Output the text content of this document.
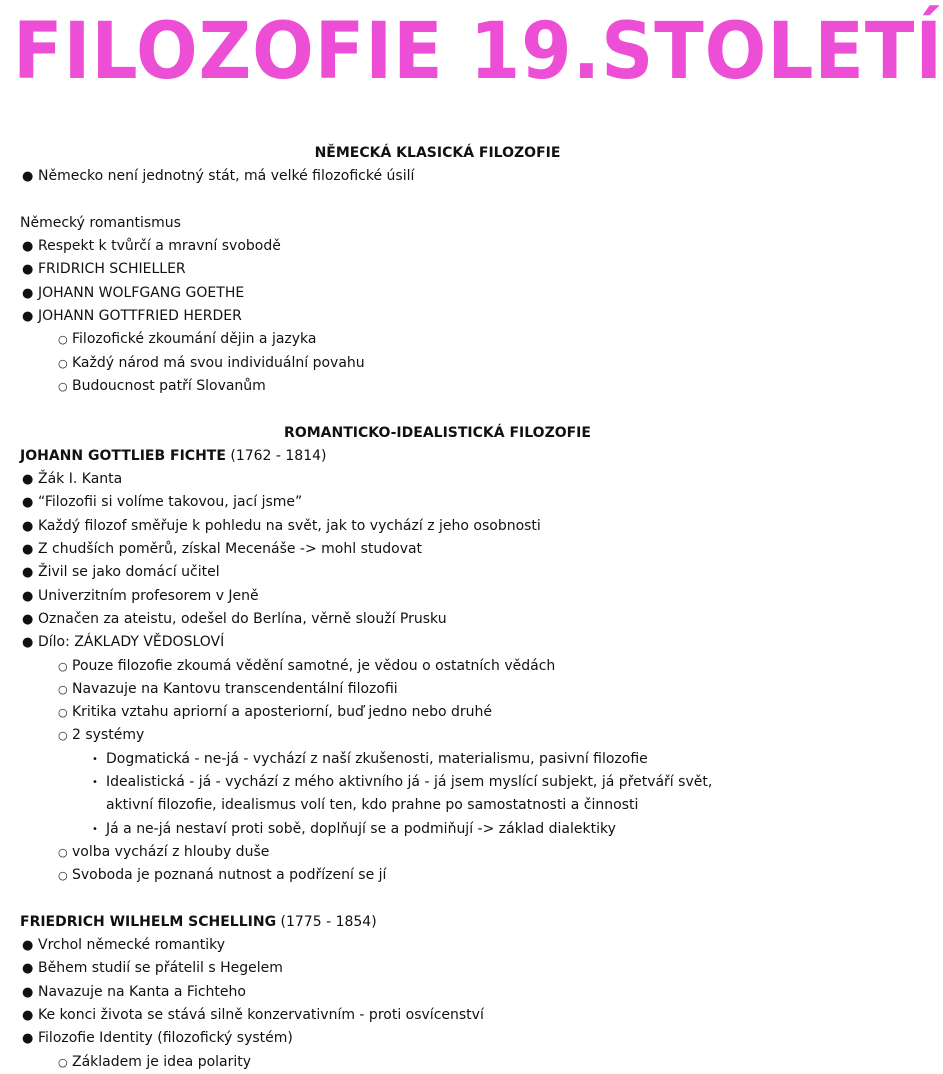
FILOZOFIE 19.STOLETÍ
NĚMECKÁ KLASICKÁ FILOZOFIE
● Německo není jednotný stát, má velké filozofické úsilí
Německý romantismus
● Respekt k tvůrčí a mravní svobodě
● FRIDRICH SCHIELLER
● JOHANN WOLFGANG GOETHE
● JOHANN GOTTFRIED HERDER
○ Filozofické zkoumání dějin a jazyka
○ Každý národ má svou individuální povahu
○ Budoucnost patří Slovanům
ROMANTICKO-IDEALISTICKÁ FILOZOFIE
JOHANN GOTTLIEB FICHTE (1762 - 1814)
● Žák I. Kanta
● “Filozofii si volíme takovou, jací jsme”
● Každý filozof směřuje k pohledu na svět, jak to vychází z jeho osobnosti
● Z chudších poměrů, získal Mecenáše -> mohl studovat
● Živil se jako domácí učitel
● Univerzitním profesorem v Jeně
● Označen za ateistu, odešel do Berlína, věrně slouží Prusku
● Dílo: ZÁKLADY VĚDOSLOVÍ
○ Pouze filozofie zkoumá vědění samotné, je vědou o ostatních vědách
○ Navazuje na Kantovu transcendentální filozofii
○ Kritika vztahu apriorní a aposteriorní, buď jedno nebo druhé
○ 2 systémy
• Dogmatická - ne-já - vychází z naší zkušenosti, materialismu, pasivní filozofie
• Idealistická - já - vychází z mého aktivního já - já jsem myslící subjekt, já přetváří svět,
aktivní filozofie, idealismus volí ten, kdo prahne po samostatnosti a činnosti
• Já a ne-já nestaví proti sobě, doplňují se a podmiňují -> základ dialektiky
○ volba vychází z hlouby duše
○ Svoboda je poznaná nutnost a podřízení se jí
FRIEDRICH WILHELM SCHELLING (1775 - 1854)
● Vrchol německé romantiky
● Během studií se přátelil s Hegelem
● Navazuje na Kanta a Fichteho
● Ke konci života se stává silně konzervativním - proti osvícenství
● Filozofie Identity (filozofický systém)
○ Základem je idea polarity
